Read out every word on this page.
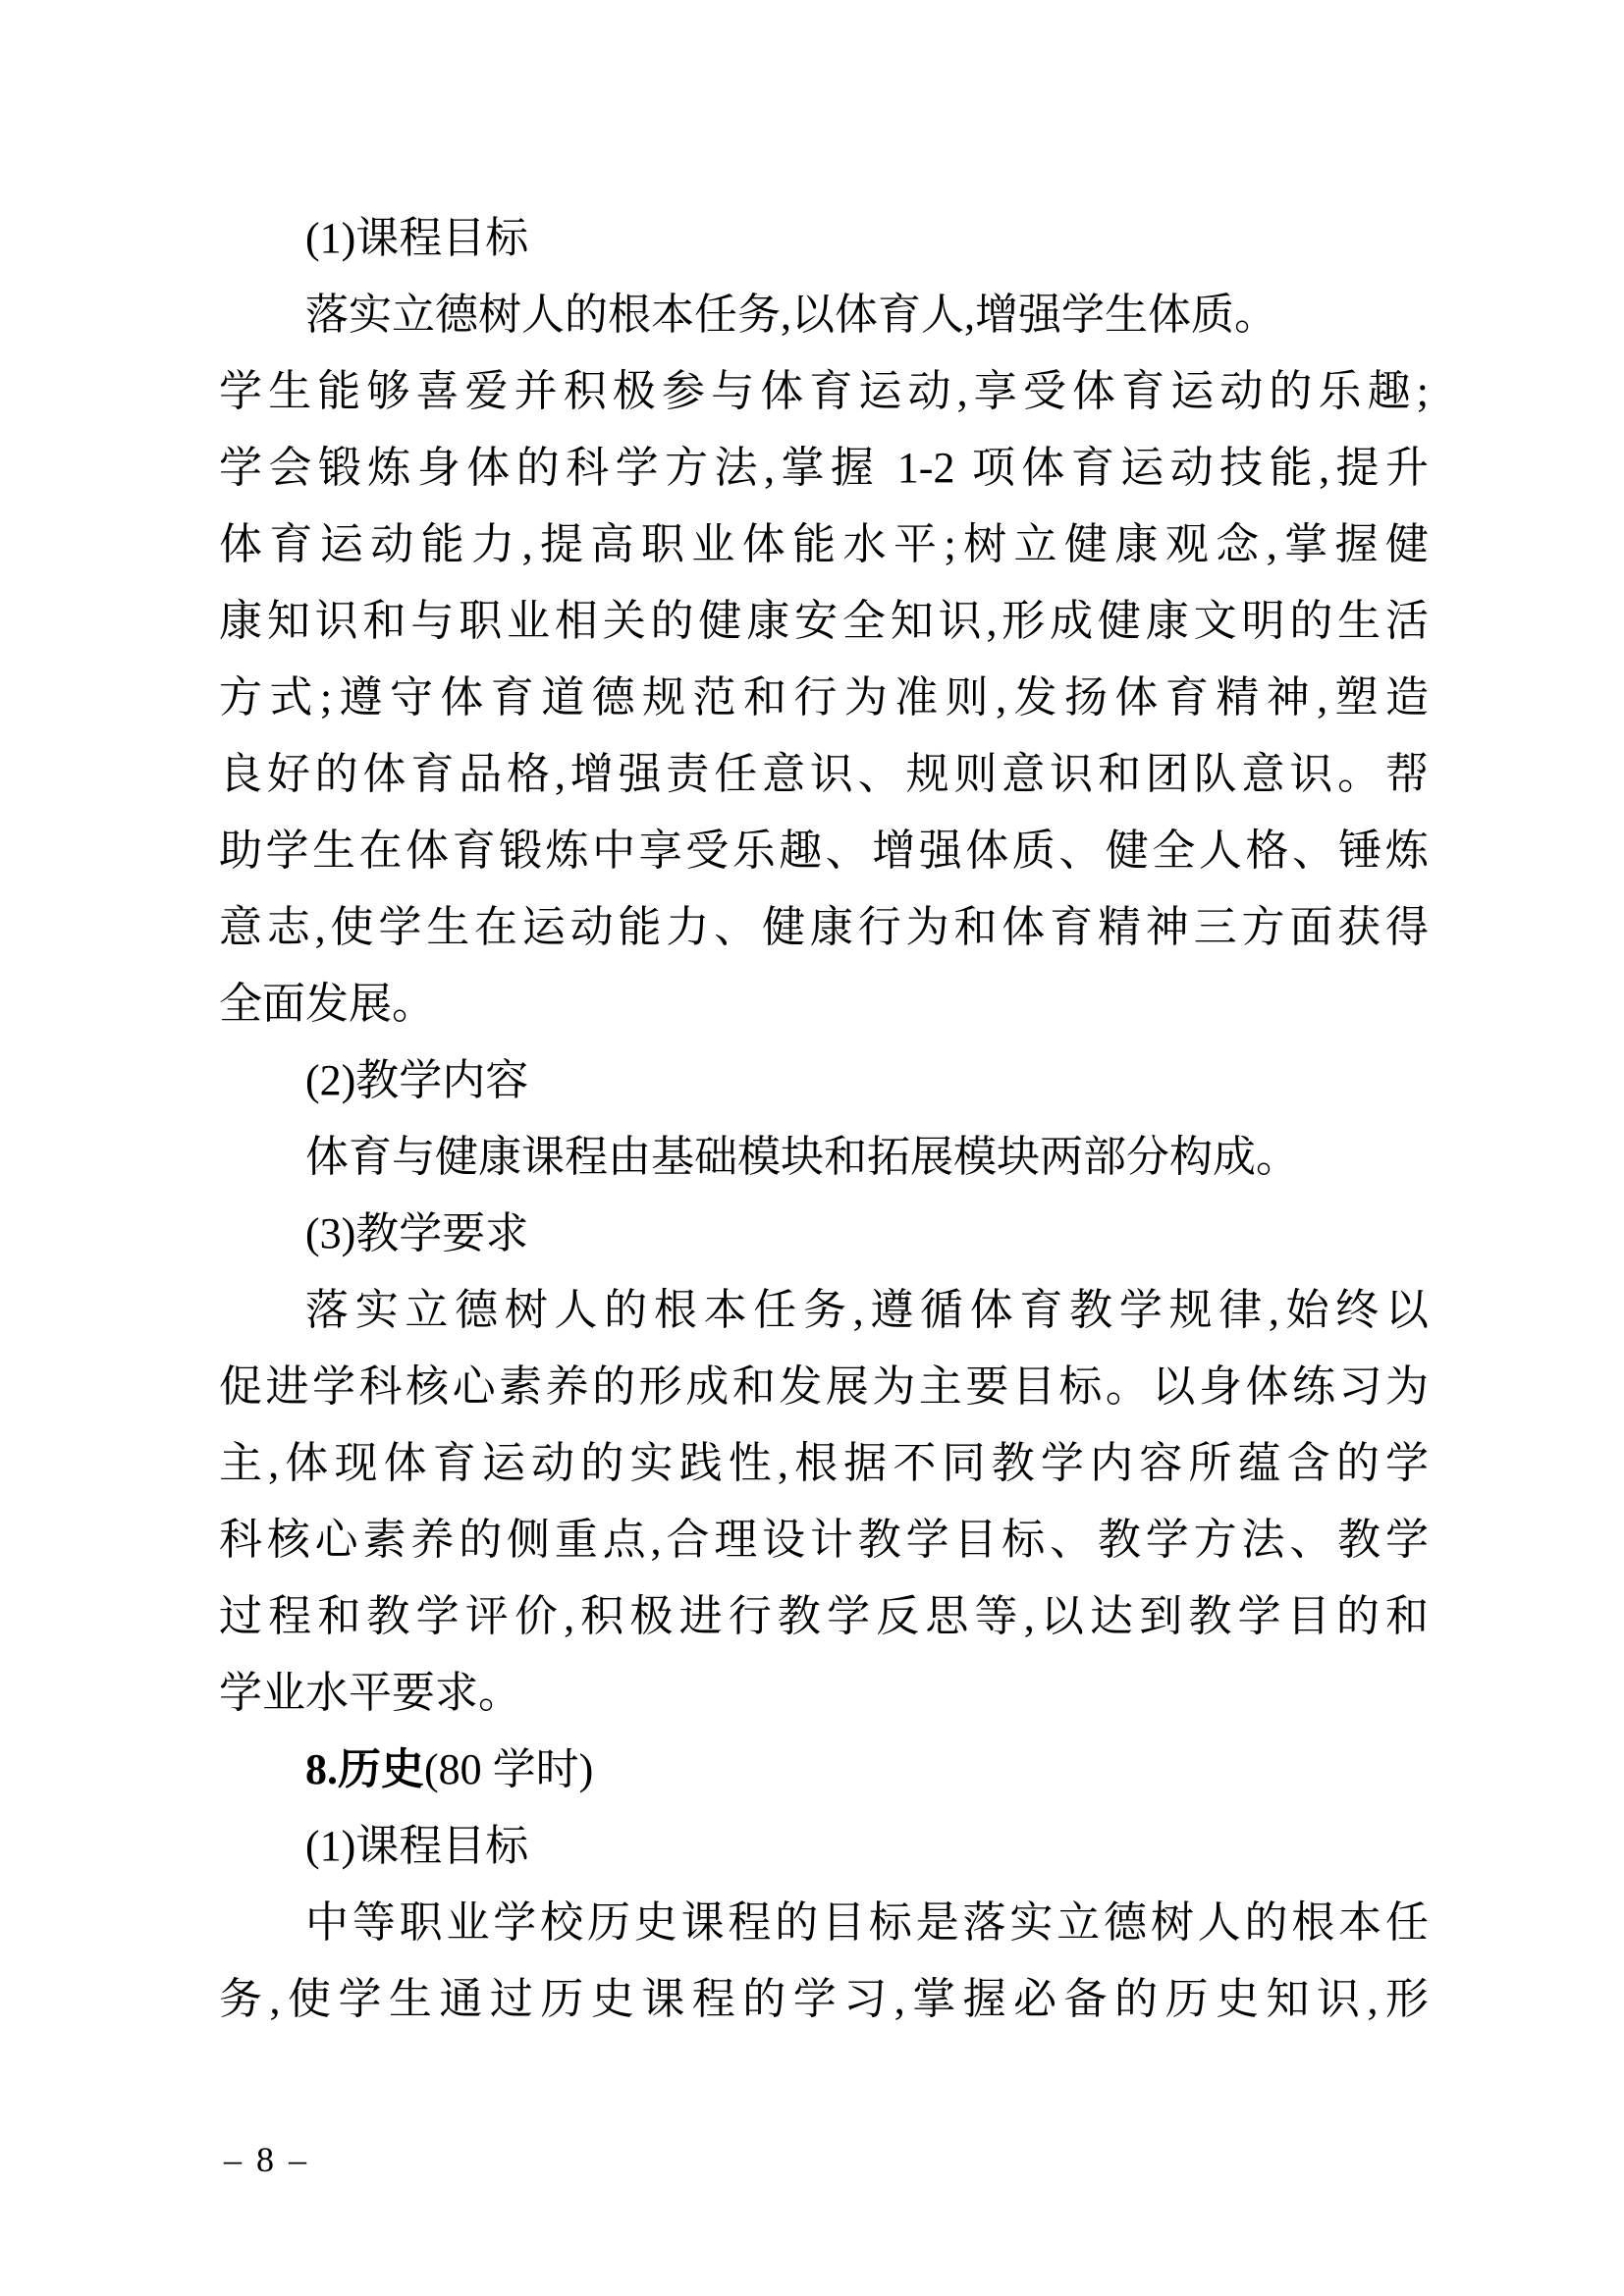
(1)课程目标
落实立德树人的根本任务,以体育人,增强学生体质。
学生能够喜爱并积极参与体育运动,享受体育运动的乐趣;
学会锻炼身体的科学方法,掌握 1-2 项体育运动技能,提升
体育运动能力,提高职业体能水平;树立健康观念,掌握健
康知识和与职业相关的健康安全知识,形成健康文明的生活
方式;遵守体育道德规范和行为准则,发扬体育精神,塑造
良好的体育品格,增强责任意识、规则意识和团队意识。帮
助学生在体育锻炼中享受乐趣、增强体质、健全人格、锤炼
意志,使学生在运动能力、健康行为和体育精神三方面获得
全面发展。
(2)教学内容
体育与健康课程由基础模块和拓展模块两部分构成。
(3)教学要求
落实立德树人的根本任务,遵循体育教学规律,始终以
促进学科核心素养的形成和发展为主要目标。以身体练习为
主,体现体育运动的实践性,根据不同教学内容所蕴含的学
科核心素养的侧重点,合理设计教学目标、教学方法、教学
过程和教学评价,积极进行教学反思等,以达到教学目的和
学业水平要求。
8.历史(80 学时)
(1)课程目标
中等职业学校历史课程的目标是落实立德树人的根本任
务,使学生通过历史课程的学习,掌握必备的历史知识,形
– 8 –
